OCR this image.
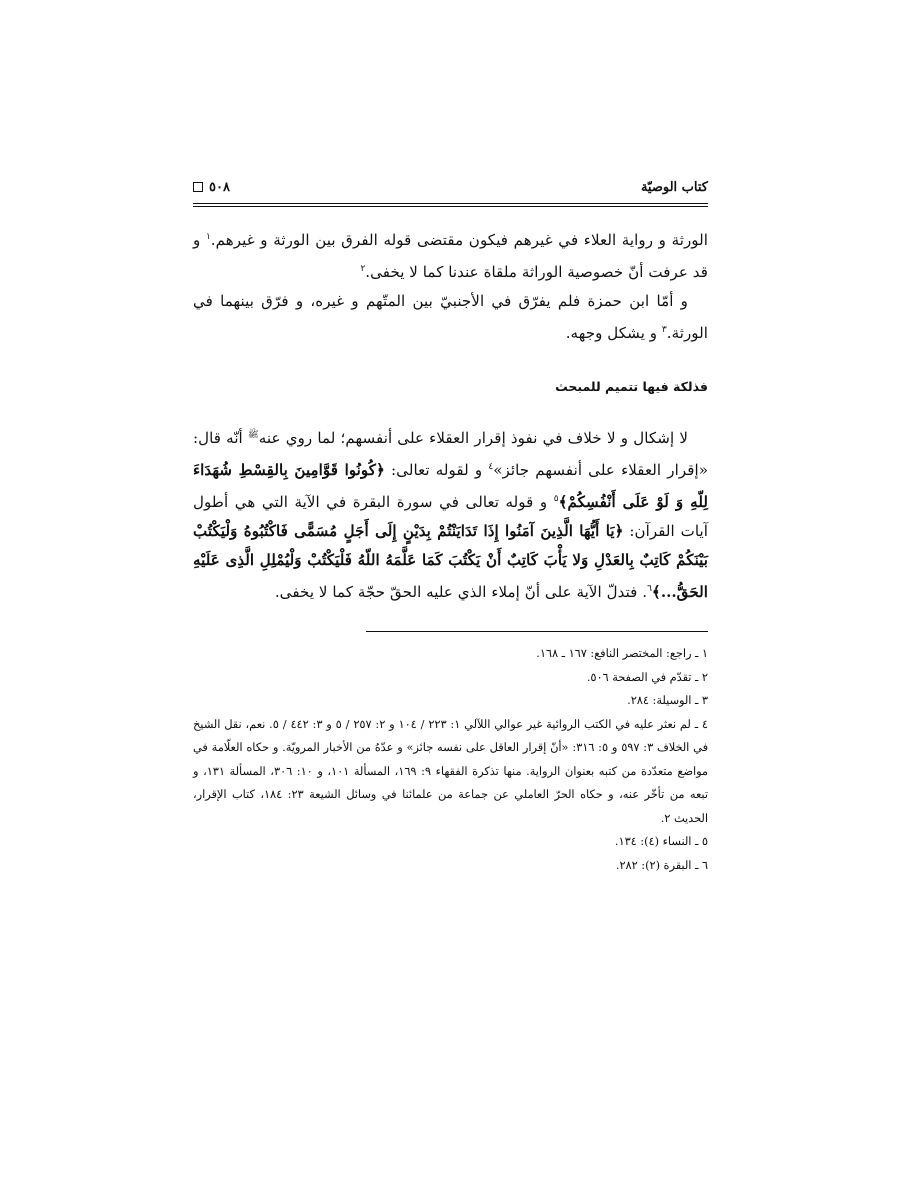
كتاب الوصيّة
٥٠٨

الورثة و رواية العلاء في غيرهم فيكون مقتضى قوله الفرق بين الورثة و غيرهم.$^١$ و قد عرفت أنّ خصوصية الوراثة ملقاة عندنا كما لا يخفى.$^٢$

و أمّا ابن حمزة فلم يفرّق في الأجنبيّ بين المتّهم و غيره، و فرّق بينهما في الورثة.$^٣$ و يشكل وجهه.

فذلكة فيها تتميم للمبحث

لا إشكال و لا خلاف في نفوذ إقرار العقلاء على أنفسهم؛ لما روي عنه$^ﷺ$ أنّه قال: «إقرار العقلاء على أنفسهم جائز»$^٤$ و لقوله تعالى: ﴿كُونُوا قَوَّامِينَ بِالقِسْطِ شُهَدَاءَ لِلّهِ وَ لَوْ عَلَى أَنْفُسِكُمْ﴾$^٥$ و قوله تعالى في سورة البقرة في الآية التي هي أطول آيات القرآن: ﴿يَا أَيُّهَا الَّذِينَ آمَنُوا إِذَا تَدَايَنْتُمْ بِدَيْنٍ إِلَى أَجَلٍ مُسَمًّى فَاكْتُبُوهُ وَلْيَكْتُبْ بَيْنَكُمْ كَاتِبٌ بِالعَدْلِ وَلا يَأْبَ كَاتِبٌ أَنْ يَكْتُبَ كَمَا عَلَّمَهُ اللّهُ فَلْيَكْتُبْ وَلْيُمْلِلِ الَّذِى عَلَيْهِ الحَقُّ...﴾$^٦$. فتدلّ الآية على أنّ إملاء الذي عليه الحقّ حجّة كما لا يخفى.

١ ـ راجع: المختصر النافع: ١٦٧ ـ ١٦٨.
٢ ـ تقدّم في الصفحة ٥٠٦.
٣ ـ الوسيلة: ٢٨٤.
٤ ـ لم نعثر عليه في الكتب الروائية غير عوالي اللآلي ١: ٢٢٣ / ١٠٤ و ٢: ٢٥٧ / ٥ و ٣: ٤٤٢ / ٥. نعم، نقل الشيخ في الخلاف ٣: ٥٩٧ و ٥: ٣١٦: «أنّ إقرار العاقل على نفسه جائز» و عدّهُ من الأخبار المرويّة. و حكاه العلّامة في مواضع متعدّدة من كتبه بعنوان الرواية. منها تذكرة الفقهاء ٩: ١٦٩، المسألة ١٠١، و ١٠: ٣٠٦، المسألة ١٣١، و تبعه من تأخّر عنه، و حكاه الحرّ العاملي عن جماعة من علمائنا في وسائل الشيعة ٢٣: ١٨٤، كتاب الإقرار، الحديث ٢.
٥ ـ النساء (٤): ١٣٤.
٦ ـ البقرة (٢): ٢٨٢.
